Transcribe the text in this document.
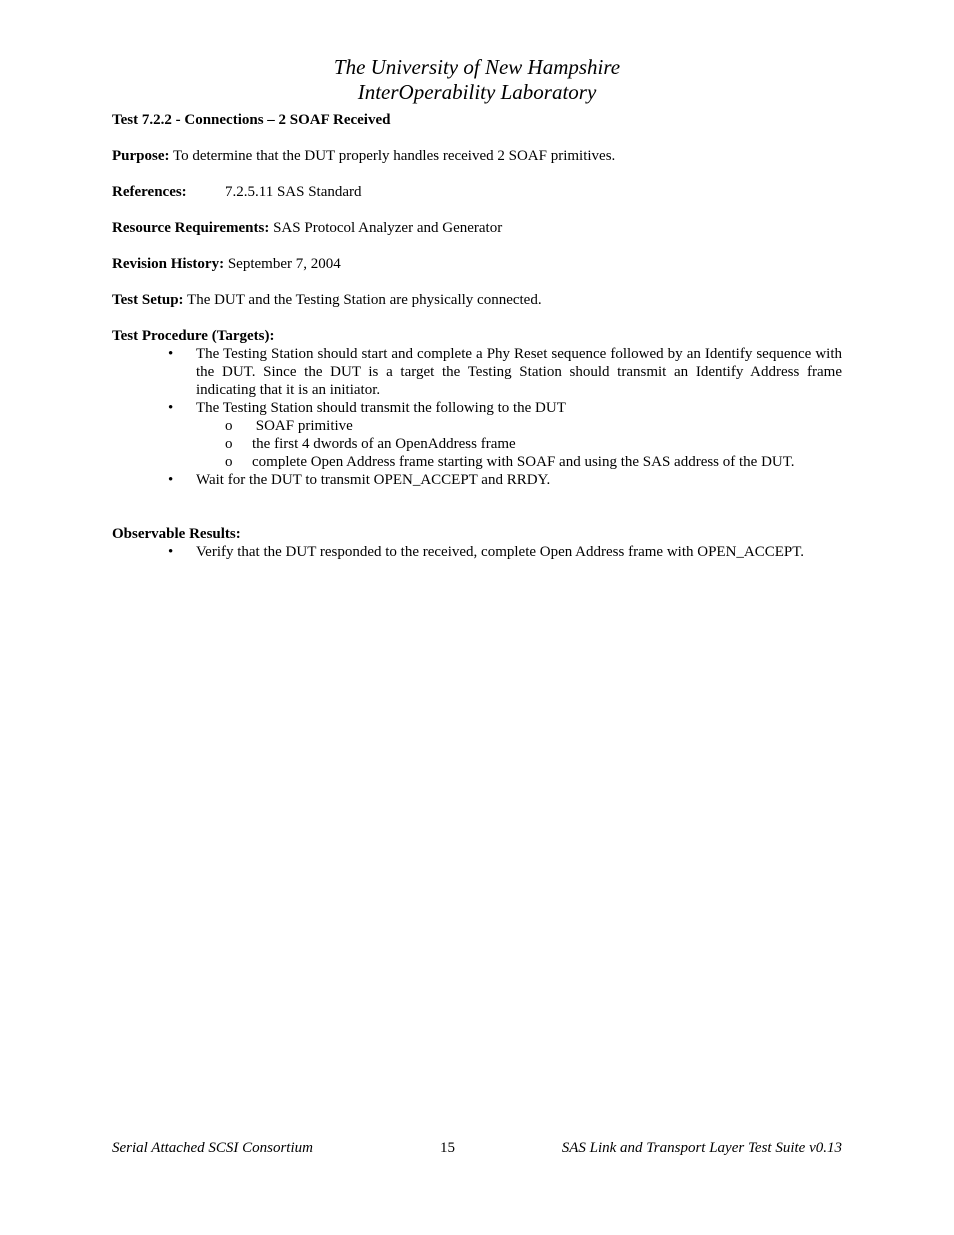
The University of New Hampshire
InterOperability Laboratory
Test 7.2.2 - Connections – 2 SOAF Received
Purpose: To determine that the DUT properly handles received 2 SOAF primitives.
References:	7.2.5.11 SAS Standard
Resource Requirements: SAS Protocol Analyzer and Generator
Revision History: September 7, 2004
Test Setup: The DUT and the Testing Station are physically connected.
Test Procedure (Targets):
• The Testing Station should start and complete a Phy Reset sequence followed by an Identify sequence with the DUT. Since the DUT is a target the Testing Station should transmit an Identify Address frame indicating that it is an initiator.
• The Testing Station should transmit the following to the DUT
o SOAF primitive
o the first 4 dwords of an OpenAddress frame
o complete Open Address frame starting with SOAF and using the SAS address of the DUT.
• Wait for the DUT to transmit OPEN_ACCEPT and RRDY.
Observable Results:
• Verify that the DUT responded to the received, complete Open Address frame with OPEN_ACCEPT.
Serial Attached SCSI Consortium	15	SAS Link and Transport Layer Test Suite v0.13
